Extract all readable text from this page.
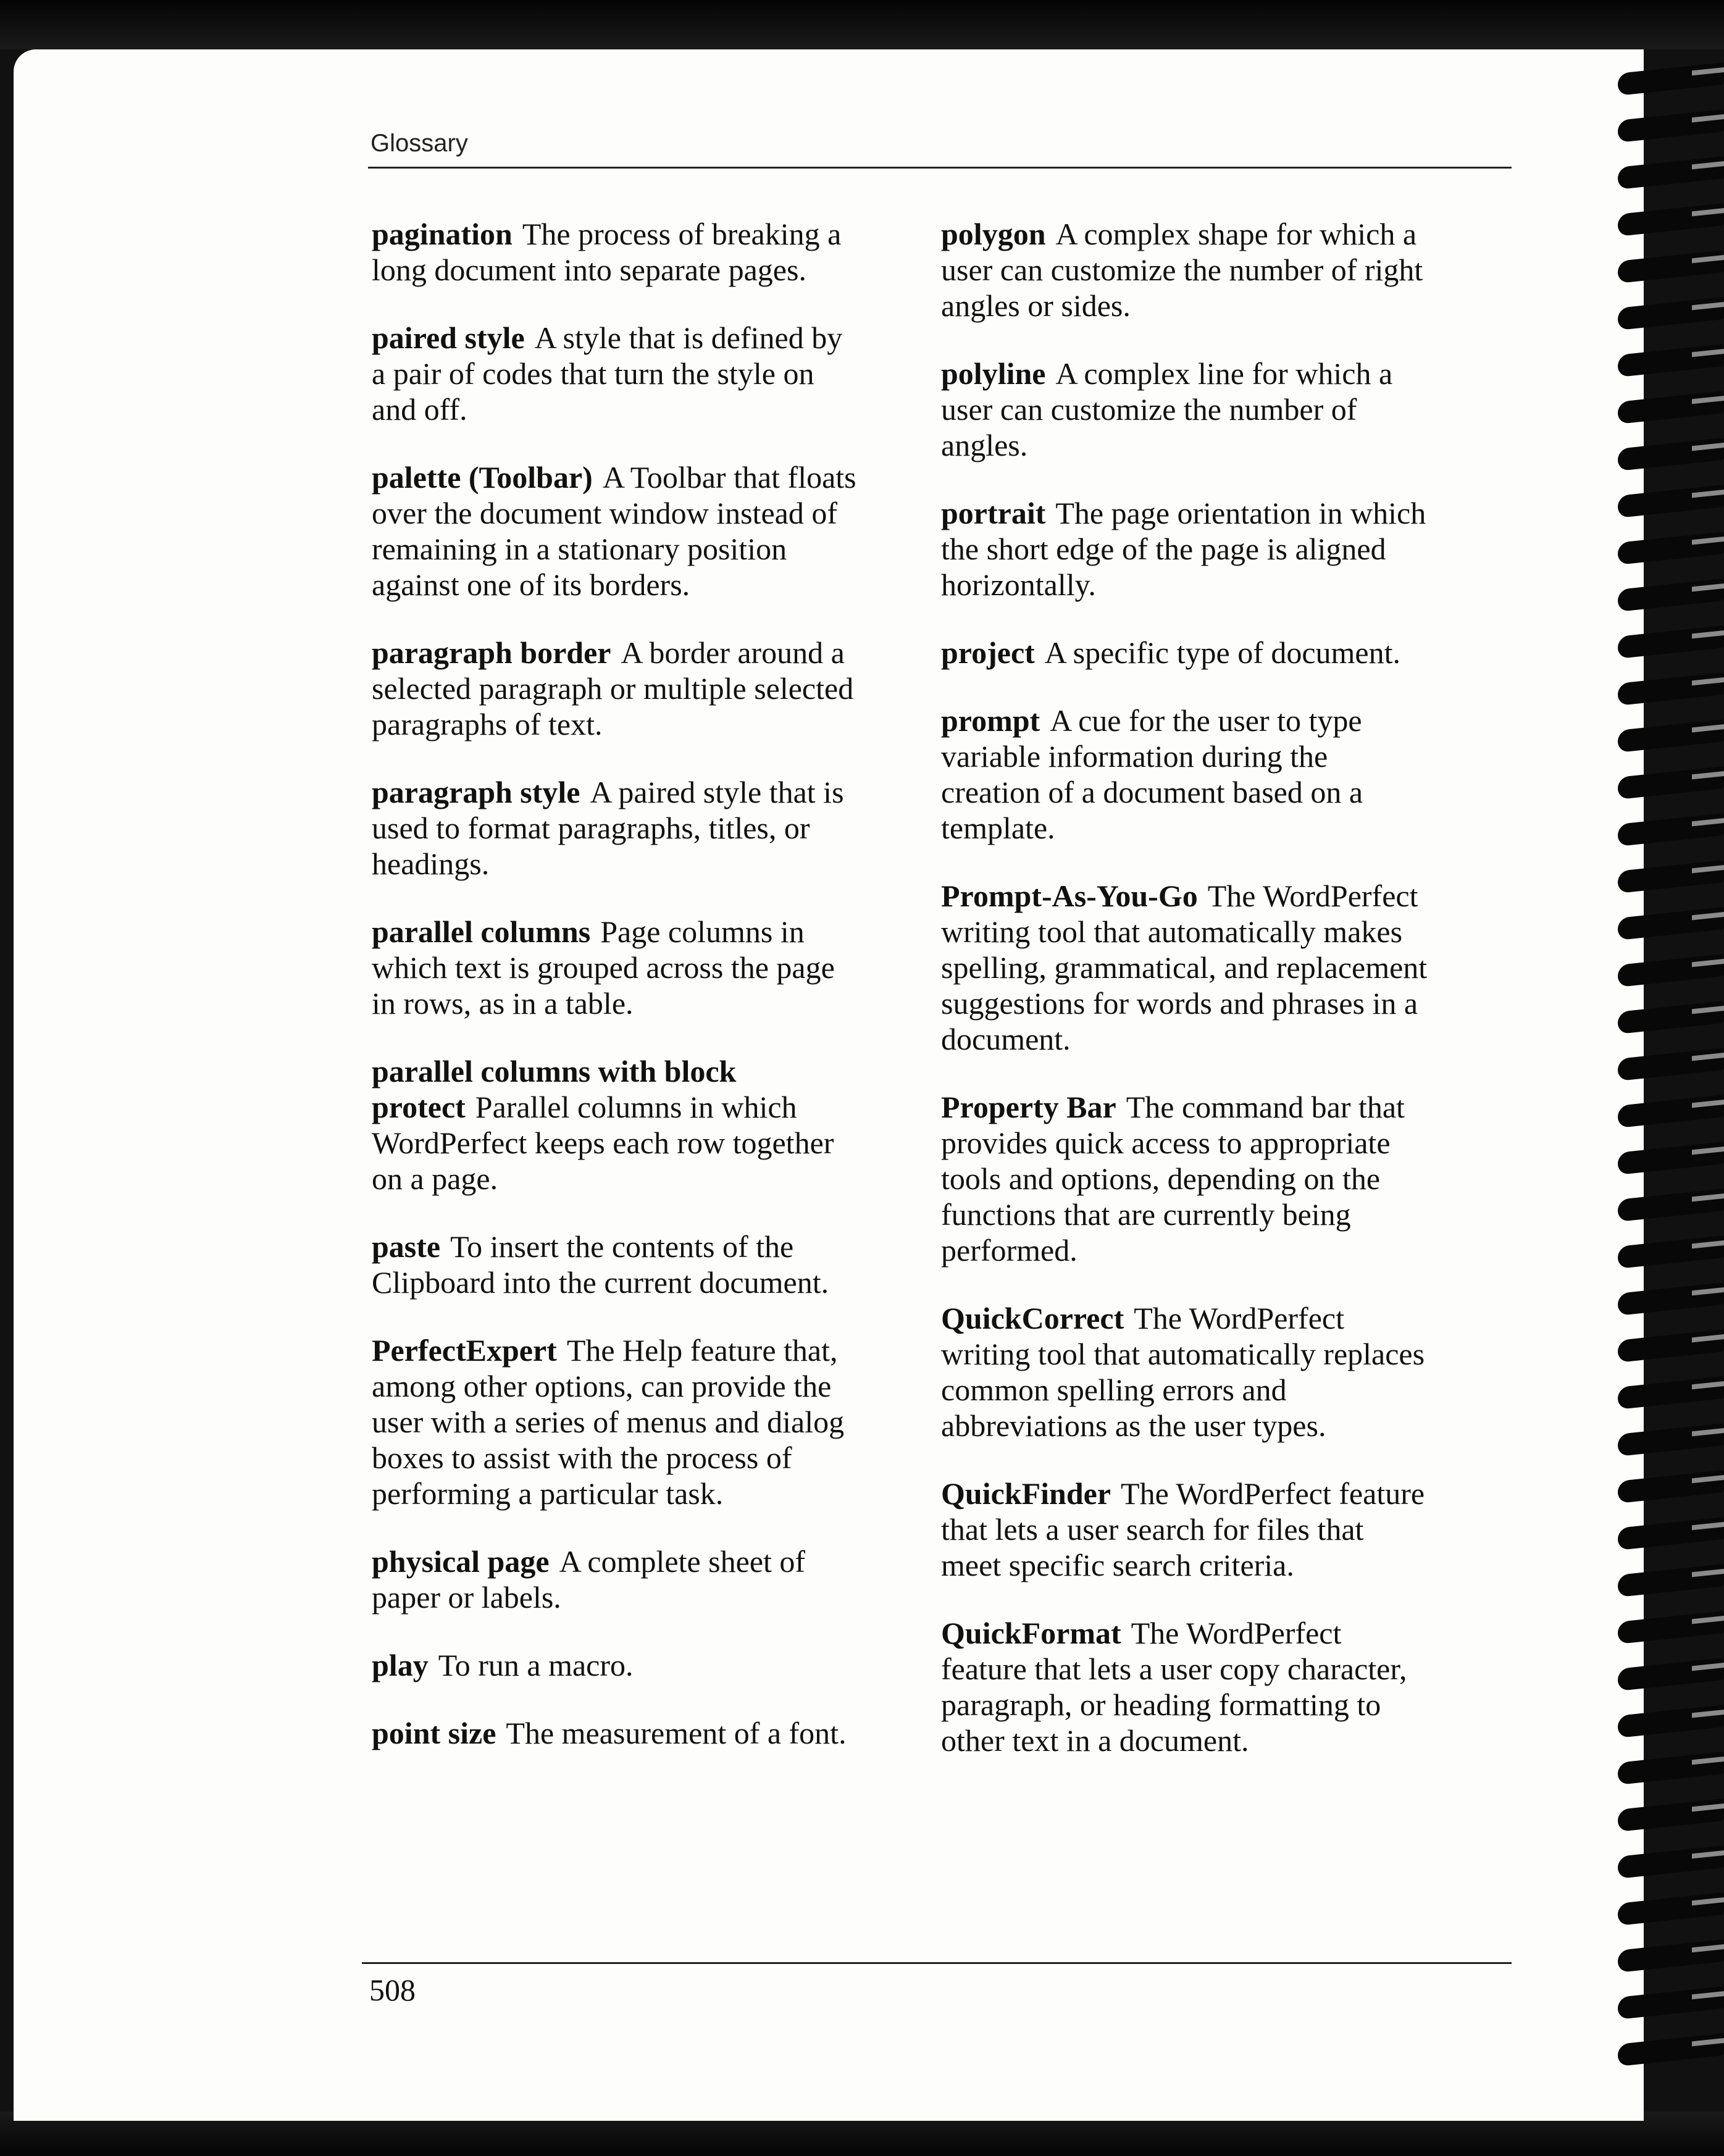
Glossary

pagination The process of breaking a long document into separate pages.

paired style A style that is defined by a pair of codes that turn the style on and off.

palette (Toolbar) A Toolbar that floats over the document window instead of remaining in a stationary position against one of its borders.

paragraph border A border around a selected paragraph or multiple selected paragraphs of text.

paragraph style A paired style that is used to format paragraphs, titles, or headings.

parallel columns Page columns in which text is grouped across the page in rows, as in a table.

parallel columns with block protect Parallel columns in which WordPerfect keeps each row together on a page.

paste To insert the contents of the Clipboard into the current document.

PerfectExpert The Help feature that, among other options, can provide the user with a series of menus and dialog boxes to assist with the process of performing a particular task.

physical page A complete sheet of paper or labels.

play To run a macro.

point size The measurement of a font.

polygon A complex shape for which a user can customize the number of right angles or sides.

polyline A complex line for which a user can customize the number of angles.

portrait The page orientation in which the short edge of the page is aligned horizontally.

project A specific type of document.

prompt A cue for the user to type variable information during the creation of a document based on a template.

Prompt-As-You-Go The WordPerfect writing tool that automatically makes spelling, grammatical, and replacement suggestions for words and phrases in a document.

Property Bar The command bar that provides quick access to appropriate tools and options, depending on the functions that are currently being performed.

QuickCorrect The WordPerfect writing tool that automatically replaces common spelling errors and abbreviations as the user types.

QuickFinder The WordPerfect feature that lets a user search for files that meet specific search criteria.

QuickFormat The WordPerfect feature that lets a user copy character, paragraph, or heading formatting to other text in a document.

508
